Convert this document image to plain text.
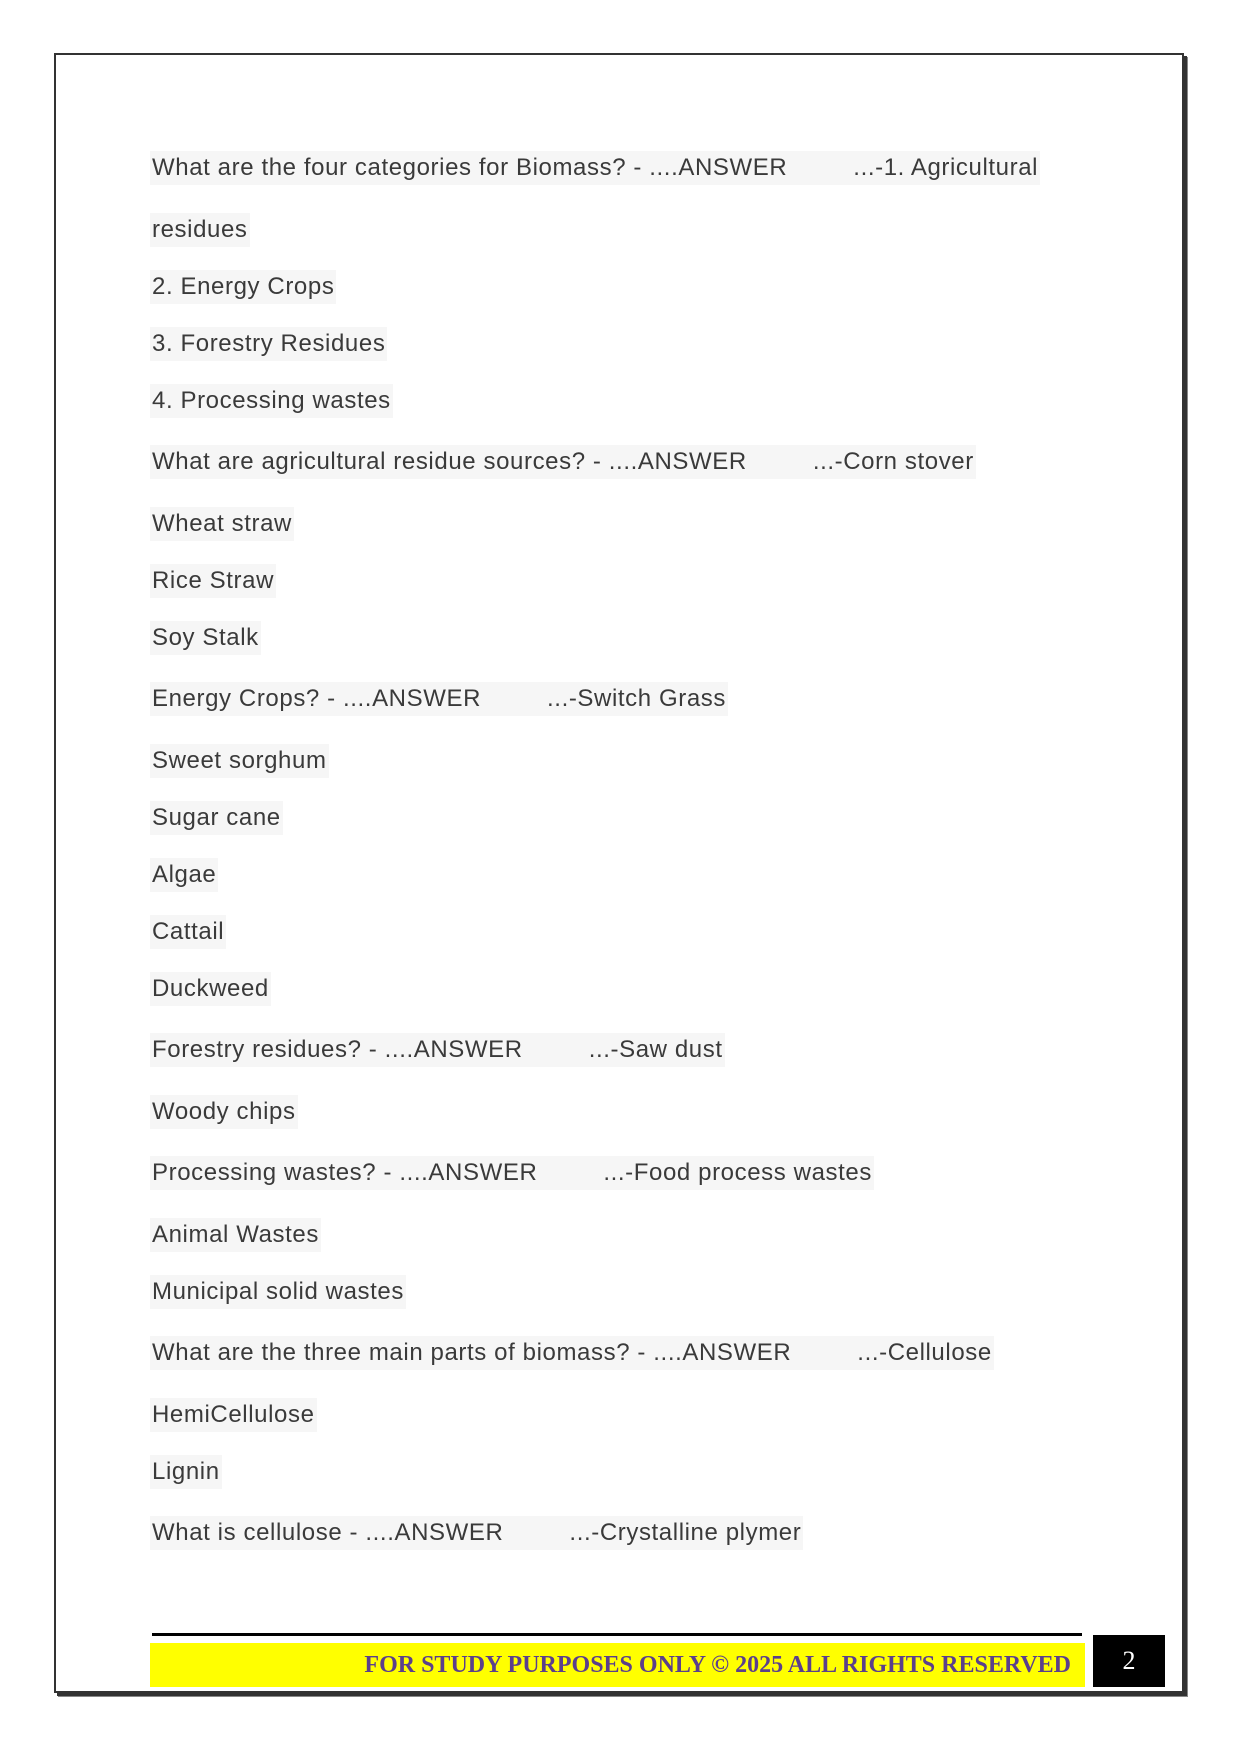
What are the four categories for Biomass? - ....ANSWER	...-1. Agricultural
residues
2. Energy Crops
3. Forestry Residues
4. Processing wastes
What are agricultural residue sources? - ....ANSWER	...-Corn stover
Wheat straw
Rice Straw
Soy Stalk
Energy Crops? - ....ANSWER	...-Switch Grass
Sweet sorghum
Sugar cane
Algae
Cattail
Duckweed
Forestry residues? - ....ANSWER	...-Saw dust
Woody chips
Processing wastes? - ....ANSWER	...-Food process wastes
Animal Wastes
Municipal solid wastes
What are the three main parts of biomass? - ....ANSWER	...-Cellulose
HemiCellulose
Lignin
What is cellulose - ....ANSWER	...-Crystalline plymer
FOR STUDY PURPOSES ONLY © 2025 ALL RIGHTS RESERVED	2
